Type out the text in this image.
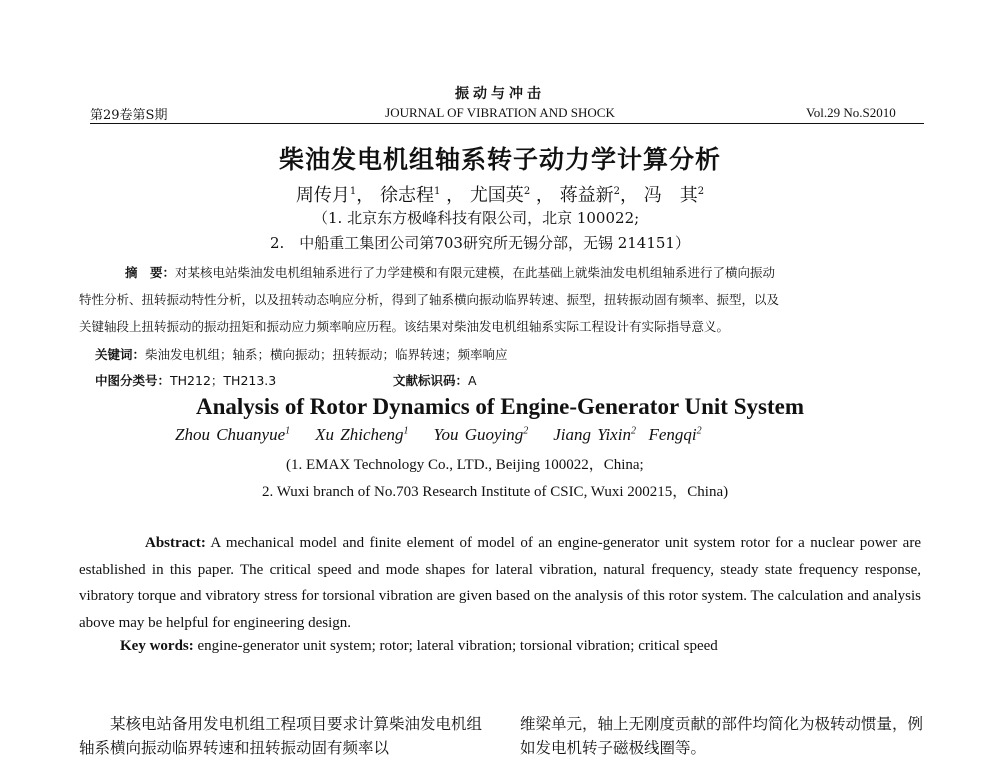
振动与冲击
第29卷第S期	JOURNAL OF VIBRATION AND SHOCK	Vol.29 No.S2010
柴油发电机组轴系转子动力学计算分析
周传月$^1$， 徐志程$^1$ ， 尤国英$^2$ ， 蒋益新$^2$， 冯　其$^2$
（1. 北京东方极峰科技有限公司，北京 100022;
2.　中船重工集团公司第703研究所无锡分部，无锡 214151）
摘　要：对某核电站柴油发电机组轴系进行了力学建模和有限元建模，在此基础上就柴油发电机组轴系进行了横向振动
特性分析、扭转振动特性分析，以及扭转动态响应分析，得到了轴系横向振动临界转速、振型，扭转振动固有频率、振型，以及
关键轴段上扭转振动的振动扭矩和振动应力频率响应历程。该结果对柴油发电机组轴系实际工程设计有实际指导意义。
关键词：柴油发电机组；轴系；横向振动；扭转振动；临界转速；频率响应
中图分类号：TH212；TH213.3	文献标识码：A
Analysis of Rotor Dynamics of Engine-Generator Unit System
Zhou Chuanyue$^1$ Xu Zhicheng$^1$ You Guoying$^2$ Jiang Yixin$^2$ Fengqi$^2$
(1. EMAX Technology Co., LTD., Beijing 100022，China;
2. Wuxi branch of No.703 Research Institute of CSIC, Wuxi 200215，China)
Abstract: A mechanical model and finite element of model of an engine-generator unit system rotor for a nuclear power are established in this paper. The critical speed and mode shapes for lateral vibration, natural frequency, steady state frequency response, vibratory torque and vibratory stress for torsional vibration are given based on the analysis of this rotor system. The calculation and analysis above may be helpful for engineering design.
Key words: engine-generator unit system; rotor; lateral vibration; torsional vibration; critical speed
某核电站备用发电机组工程项目要求计算柴油发电机组轴系横向振动临界转速和扭转振动固有频率以
维梁单元，轴上无刚度贡献的部件均简化为极转动惯量，例如发电机转子磁极线圈等。
